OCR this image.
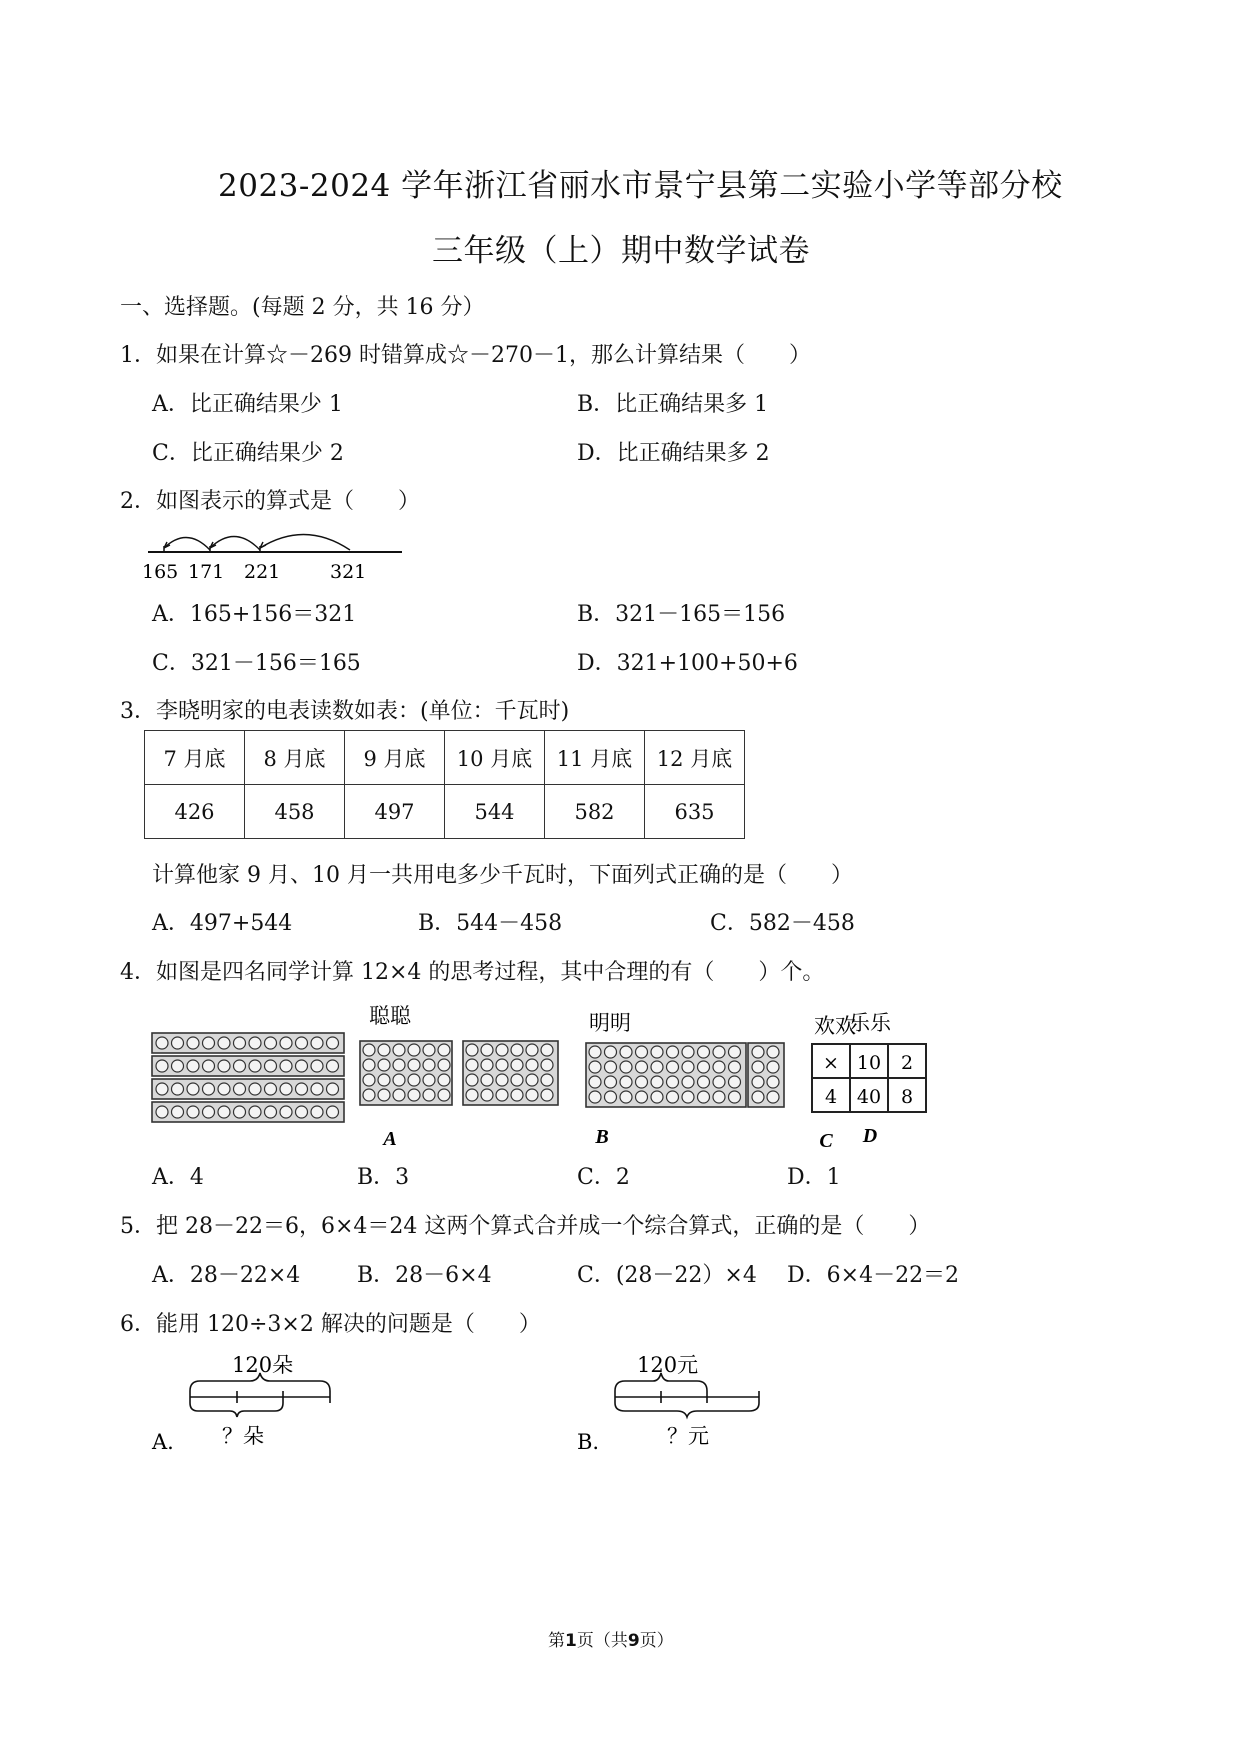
2023-2024 学年浙江省丽水市景宁县第二实验小学等部分校
三年级（上）期中数学试卷
一、选择题。(每题 2 分，共 16 分）
1．如果在计算☆－269 时错算成☆－270－1，那么计算结果（　　）
A．比正确结果少 1	B．比正确结果多 1
C．比正确结果少 2	D．比正确结果多 2
2．如图表示的算式是（　　）
165 171 221	321
A．165+156＝321	B．321－165＝156
C．321－156＝165	D．321+100+50+6
3．李晓明家的电表读数如表：(单位：千瓦时)
7 月底	8 月底	9 月底	10 月底	11 月底	12 月底
426	458	497	544	582	635
计算他家 9 月、10 月一共用电多少千瓦时，下面列式正确的是（　　）
A．497+544	B．544－458	C．582－458
4．如图是四名同学计算 12×4 的思考过程，其中合理的有（　　）个。
聪聪	明明	欢欢
A	B	C
乐乐
× 10 2
4 40 8
D
A．4	B．3	C．2	D．1
5．把 28－22＝6，6×4＝24 这两个算式合并成一个综合算式，正确的是（　　）
A．28－22×4	B．28－6×4	C．(28－22）×4 D．6×4－22＝2
6．能用 120÷3×2 解决的问题是（　　）
A.
120朵
？朵	B.
120元
？元
第1页（共9页）
